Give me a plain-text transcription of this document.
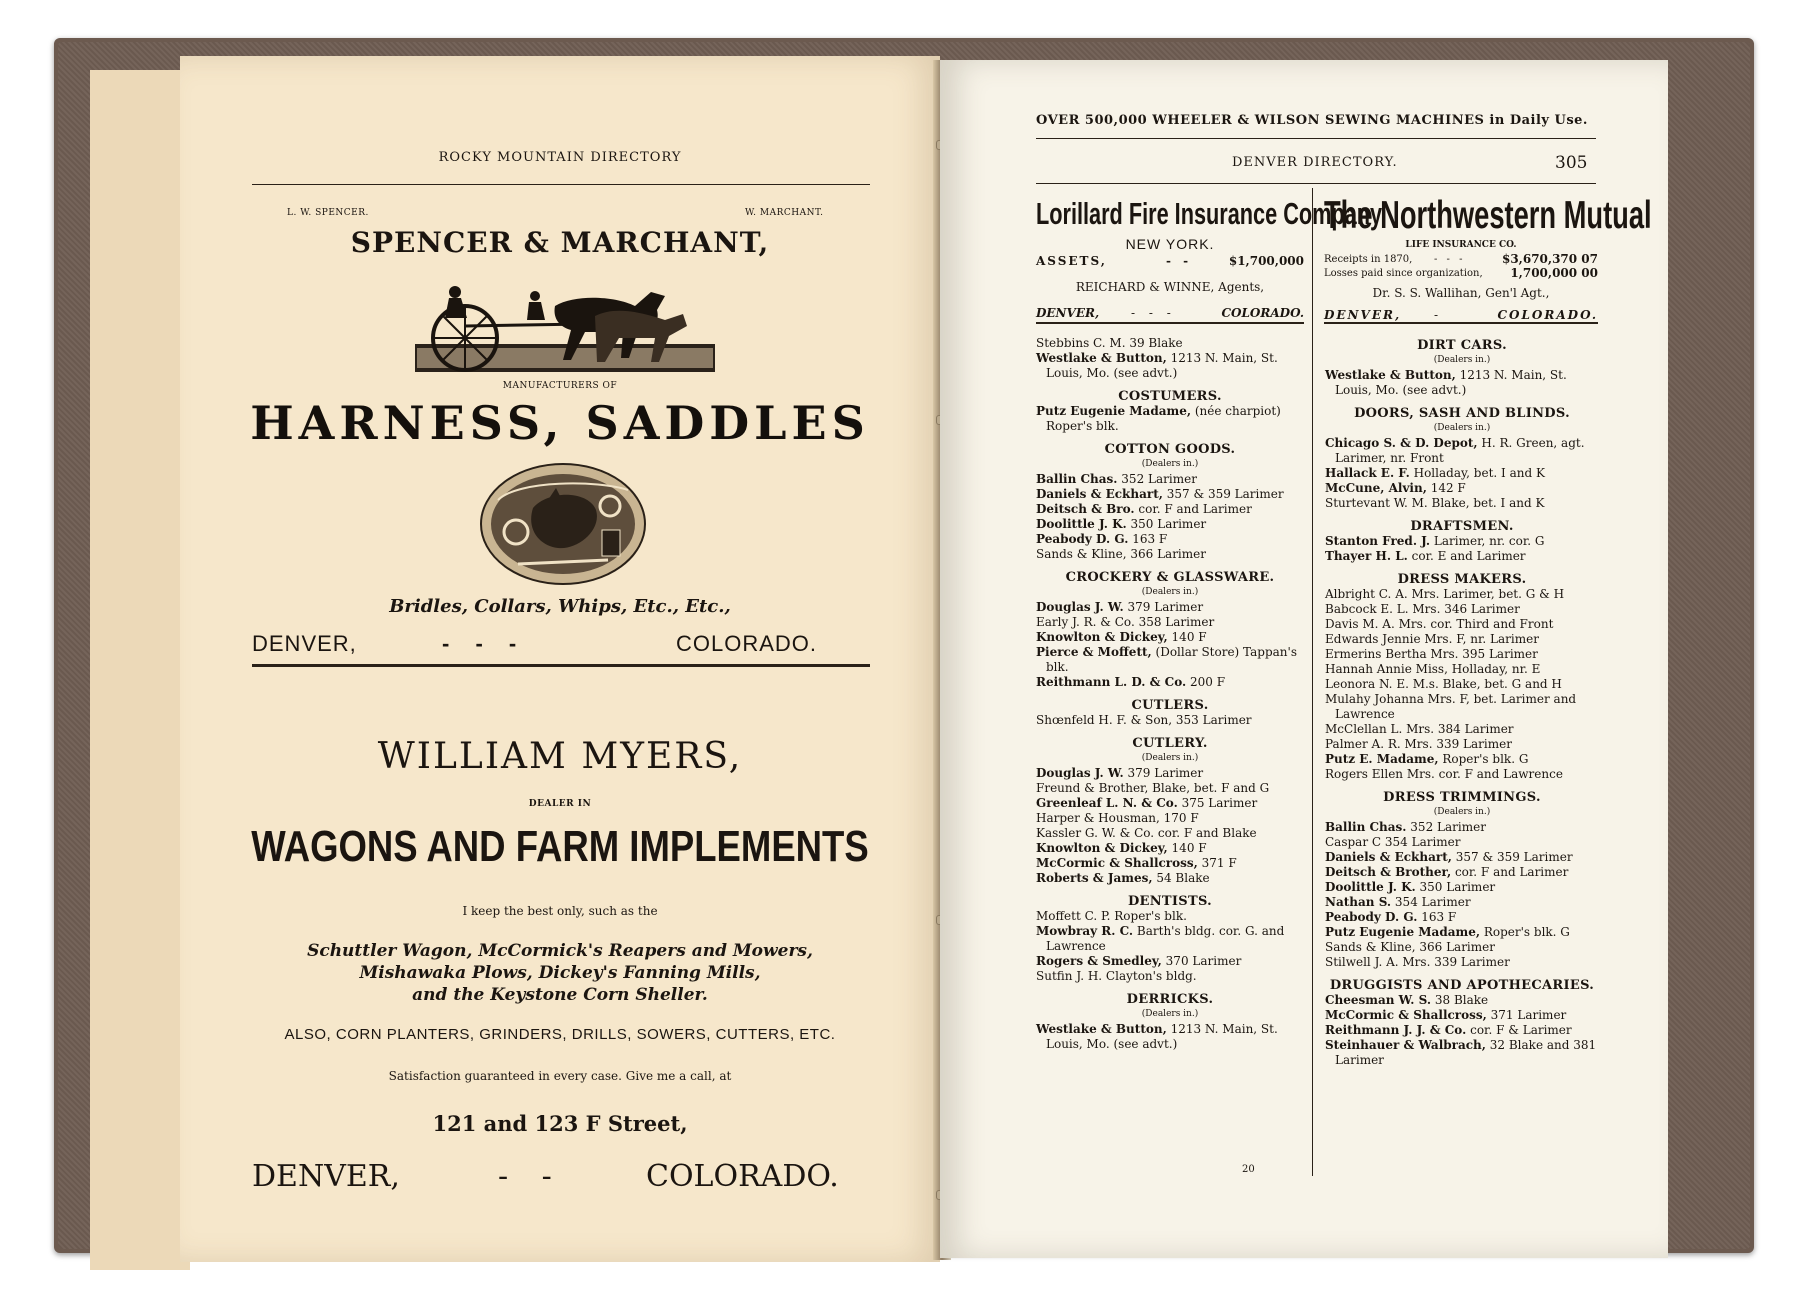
ROCKY MOUNTAIN DIRECTORY
L. W. SPENCER.	W. MARCHANT.
SPENCER & MARCHANT,
MANUFACTURERS OF
HARNESS, SADDLES
Bridles, Collars, Whips, Etc., Etc.,
DENVER,	- - -	COLORADO.
WILLIAM MYERS,
DEALER IN
WAGONS AND FARM IMPLEMENTS
I keep the best only, such as the
Schuttler Wagon, McCormick's Reapers and Mowers,
Mishawaka Plows, Dickey's Fanning Mills,
and the Keystone Corn Sheller.
ALSO, CORN PLANTERS, GRINDERS, DRILLS, SOWERS, CUTTERS, ETC.
Satisfaction guaranteed in every case. Give me a call, at
121 and 123 F Street,
DENVER,	- -	COLORADO.
OVER 500,000 WHEELER & WILSON SEWING MACHINES in Daily Use.
DENVER DIRECTORY.	305
Lorillard Fire Insurance Company
NEW YORK.
ASSETS,	- -	$1,700,000
REICHARD & WINNE, Agents,
DENVER,	- - -	COLORADO.
The Northwestern Mutual
LIFE INSURANCE CO.
Receipts in 1870, - - -	$3,670,370 07
Losses paid since organization, 1,700,000 00
Dr. S. S. Wallihan, Gen'l Agt.,
DENVER,	-	COLORADO.

Stebbins C. M. 39 Blake

Westlake & Button, 1213 N. Main, St. Louis, Mo. (see advt.)

COSTUMERS.

Putz Eugenie Madame, (née charpiot) Roper's blk.

COTTON GOODS.

(Dealers in.)

Ballin Chas. 352 Larimer

Daniels & Eckhart, 357 & 359 Larimer

Deitsch & Bro. cor. F and Larimer

Doolittle J. K. 350 Larimer

Peabody D. G. 163 F

Sands & Kline, 366 Larimer

CROCKERY & GLASSWARE.

(Dealers in.)

Douglas J. W. 379 Larimer

Early J. R. & Co. 358 Larimer

Knowlton & Dickey, 140 F

Pierce & Moffett, (Dollar Store) Tappan's blk.

Reithmann L. D. & Co. 200 F

CUTLERS.

Shœnfeld H. F. & Son, 353 Larimer

CUTLERY.

(Dealers in.)

Douglas J. W. 379 Larimer

Freund & Brother, Blake, bet. F and G

Greenleaf L. N. & Co. 375 Larimer

Harper & Housman, 170 F

Kassler G. W. & Co. cor. F and Blake

Knowlton & Dickey, 140 F

McCormic & Shallcross, 371 F

Roberts & James, 54 Blake

DENTISTS.

Moffett C. P. Roper's blk.

Mowbray R. C. Barth's bldg. cor. G. and Lawrence

Rogers & Smedley, 370 Larimer

Sutfin J. H. Clayton's bldg.

DERRICKS.

(Dealers in.)

Westlake & Button, 1213 N. Main, St. Louis, Mo. (see advt.)

DIRT CARS.

(Dealers in.)

Westlake & Button, 1213 N. Main, St. Louis, Mo. (see advt.)

DOORS, SASH AND BLINDS.

(Dealers in.)

Chicago S. & D. Depot, H. R. Green, agt. Larimer, nr. Front

Hallack E. F. Holladay, bet. I and K

McCune, Alvin, 142 F

Sturtevant W. M. Blake, bet. I and K

DRAFTSMEN.

Stanton Fred. J. Larimer, nr. cor. G

Thayer H. L. cor. E and Larimer

DRESS MAKERS.

Albright C. A. Mrs. Larimer, bet. G & H

Babcock E. L. Mrs. 346 Larimer

Davis M. A. Mrs. cor. Third and Front

Edwards Jennie Mrs. F, nr. Larimer

Ermerins Bertha Mrs. 395 Larimer

Hannah Annie Miss, Holladay, nr. E

Leonora N. E. M.s. Blake, bet. G and H

Mulahy Johanna Mrs. F, bet. Larimer and Lawrence

McClellan L. Mrs. 384 Larimer

Palmer A. R. Mrs. 339 Larimer

Putz E. Madame, Roper's blk. G

Rogers Ellen Mrs. cor. F and Lawrence

DRESS TRIMMINGS.

(Dealers in.)

Ballin Chas. 352 Larimer

Caspar C 354 Larimer

Daniels & Eckhart, 357 & 359 Larimer

Deitsch & Brother, cor. F and Larimer

Doolittle J. K. 350 Larimer

Nathan S. 354 Larimer

Peabody D. G. 163 F

Putz Eugenie Madame, Roper's blk. G

Sands & Kline, 366 Larimer

Stilwell J. A. Mrs. 339 Larimer

DRUGGISTS AND APOTHECARIES.

Cheesman W. S. 38 Blake

McCormic & Shallcross, 371 Larimer

Reithmann J. J. & Co. cor. F & Larimer

Steinhauer & Walbrach, 32 Blake and 381 Larimer

20
